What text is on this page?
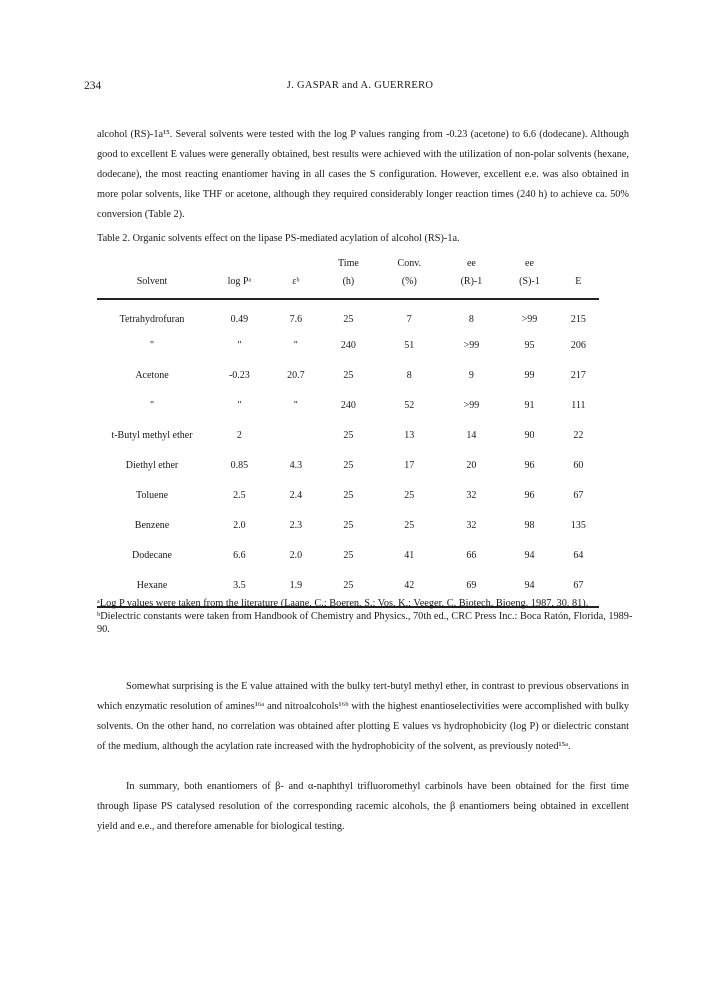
234	J. GASPAR and A. GUERRERO
alcohol (RS)-1a¹⁵. Several solvents were tested with the log P values ranging from -0.23 (acetone) to 6.6 (dodecane). Although good to excellent E values were generally obtained, best results were achieved with the utilization of non-polar solvents (hexane, dodecane), the most reacting enantiomer having in all cases the S configuration. However, excellent e.e. was also obtained in more polar solvents, like THF or acetone, although they required considerably longer reaction times (240 h) to achieve ca. 50% conversion (Table 2).
Table 2. Organic solvents effect on the lipase PS-mediated acylation of alcohol (RS)-1a.
			Time	Conv.	ee	ee	
Solvent	log Pᵃ	εᵇ	(h)	(%)	(R)-1	(S)-1	E
Tetrahydrofuran	0.49	7.6	25	7	8	>99	215
"	"	"	240	51	>99	95	206
Acetone	-0.23	20.7	25	8	9	99	217
"	"	"	240	52	>99	91	111
t-Butyl methyl ether	2		25	13	14	90	22
Diethyl ether	0.85	4.3	25	17	20	96	60
Toluene	2.5	2.4	25	25	32	96	67
Benzene	2.0	2.3	25	25	32	98	135
Dodecane	6.6	2.0	25	41	66	94	64
Hexane	3.5	1.9	25	42	69	94	67

ᵃLog P values were taken from the literature (Laane, C.; Boeren, S.; Vos, K.; Veeger, C. Biotech. Bioeng. 1987, 30, 81).

ᵇDielectric constants were taken from Handbook of Chemistry and Physics., 70th ed., CRC Press Inc.: Boca Ratón, Florida, 1989-90.

Somewhat surprising is the E value attained with the bulky tert-butyl methyl ether, in contrast to previous observations in which enzymatic resolution of amines¹⁶ᵃ and nitroalcohols¹⁶ᵇ with the highest enantioselectivities were accomplished with bulky solvents. On the other hand, no correlation was obtained after plotting E values vs hydrophobicity (log P) or dielectric constant of the medium, although the acylation rate increased with the hydrophobicity of the solvent, as previously noted¹⁵ᵃ.
In summary, both enantiomers of β- and α-naphthyl trifluoromethyl carbinols have been obtained for the first time through lipase PS catalysed resolution of the corresponding racemic alcohols, the β enantiomers being obtained in excellent yield and e.e., and therefore amenable for biological testing.
